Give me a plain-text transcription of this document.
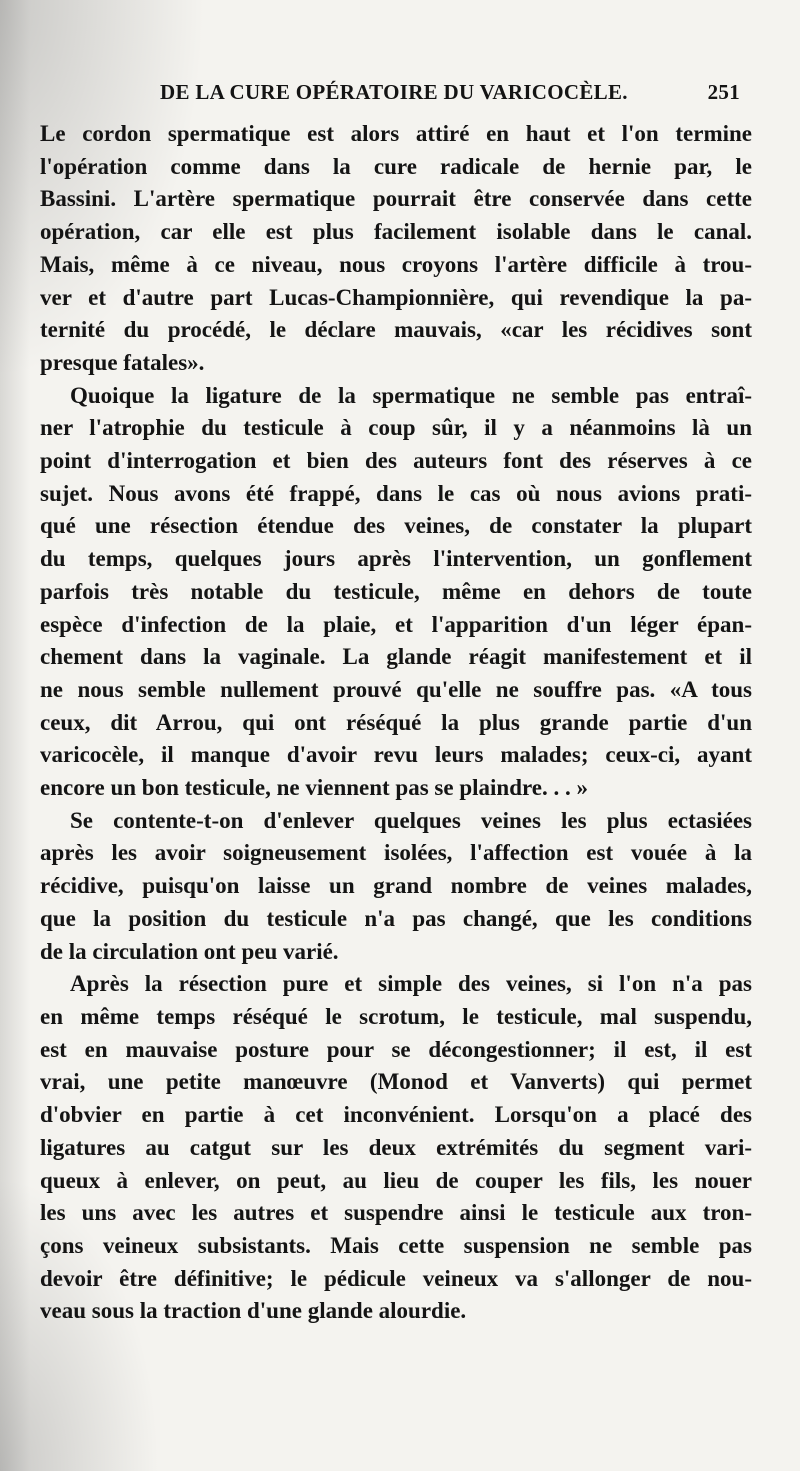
DE LA CURE OPÉRATOIRE DU VARICOCÈLE.	251
Le cordon spermatique est alors attiré en haut et l'on termine
l'opération comme dans la cure radicale de hernie par, le
Bassini. L'artère spermatique pourrait être conservée dans cette
opération, car elle est plus facilement isolable dans le canal.
Mais, même à ce niveau, nous croyons l'artère difficile à trou-
ver et d'autre part Lucas-Championnière, qui revendique la pa-
ternité du procédé, le déclare mauvais, «car les récidives sont
presque fatales».
Quoique la ligature de la spermatique ne semble pas entraî-
ner l'atrophie du testicule à coup sûr, il y a néanmoins là un
point d'interrogation et bien des auteurs font des réserves à ce
sujet. Nous avons été frappé, dans le cas où nous avions prati-
qué une résection étendue des veines, de constater la plupart
du temps, quelques jours après l'intervention, un gonflement
parfois très notable du testicule, même en dehors de toute
espèce d'infection de la plaie, et l'apparition d'un léger épan-
chement dans la vaginale. La glande réagit manifestement et il
ne nous semble nullement prouvé qu'elle ne souffre pas. «A tous
ceux, dit Arrou, qui ont réséqué la plus grande partie d'un
varicocèle, il manque d'avoir revu leurs malades; ceux-ci, ayant
encore un bon testicule, ne viennent pas se plaindre. . . »
Se contente-t-on d'enlever quelques veines les plus ectasiées
après les avoir soigneusement isolées, l'affection est vouée à la
récidive, puisqu'on laisse un grand nombre de veines malades,
que la position du testicule n'a pas changé, que les conditions
de la circulation ont peu varié.
Après la résection pure et simple des veines, si l'on n'a pas
en même temps réséqué le scrotum, le testicule, mal suspendu,
est en mauvaise posture pour se décongestionner; il est, il est
vrai, une petite manœuvre (Monod et Vanverts) qui permet
d'obvier en partie à cet inconvénient. Lorsqu'on a placé des
ligatures au catgut sur les deux extrémités du segment vari-
queux à enlever, on peut, au lieu de couper les fils, les nouer
les uns avec les autres et suspendre ainsi le testicule aux tron-
çons veineux subsistants. Mais cette suspension ne semble pas
devoir être définitive; le pédicule veineux va s'allonger de nou-
veau sous la traction d'une glande alourdie.
